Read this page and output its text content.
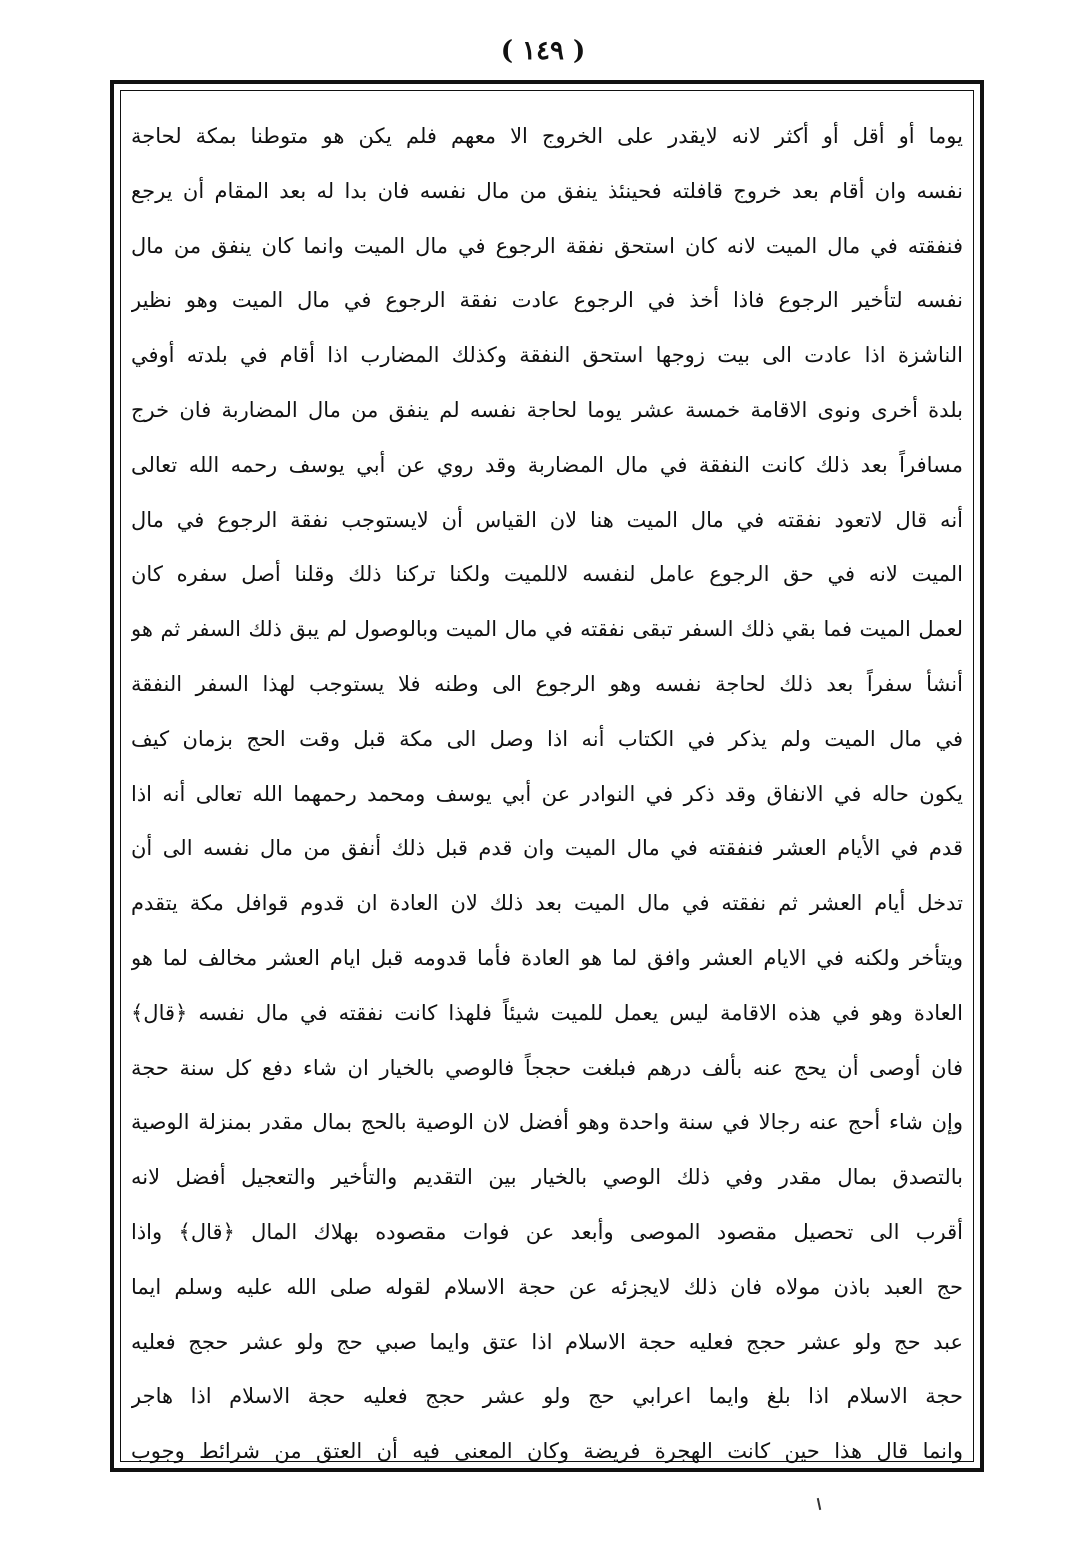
( ١٤٩ )
يوما أو أقل أو أكثر لانه لايقدر على الخروج الا معهم فلم يكن هو متوطنا بمكة لحاجة
نفسه وان أقام بعد خروج قافلته فحينئذ ينفق من مال نفسه فان بدا له بعد المقام أن يرجع
فنفقته في مال الميت لانه كان استحق نفقة الرجوع في مال الميت وانما كان ينفق من مال
نفسه لتأخير الرجوع فاذا أخذ في الرجوع عادت نفقة الرجوع في مال الميت وهو نظير
الناشزة اذا عادت الى بيت زوجها استحق النفقة وكذلك المضارب اذا أقام في بلدته أوفي
بلدة أخرى ونوى الاقامة خمسة عشر يوما لحاجة نفسه لم ينفق من مال المضاربة فان خرج
مسافراً بعد ذلك كانت النفقة في مال المضاربة وقد روي عن أبي يوسف رحمه الله تعالى
أنه قال لاتعود نفقته في مال الميت هنا لان القياس أن لايستوجب نفقة الرجوع في مال
الميت لانه في حق الرجوع عامل لنفسه لاللميت ولكنا تركنا ذلك وقلنا أصل سفره كان
لعمل الميت فما بقي ذلك السفر تبقى نفقته في مال الميت وبالوصول لم يبق ذلك السفر ثم هو
أنشأ سفراً بعد ذلك لحاجة نفسه وهو الرجوع الى وطنه فلا يستوجب لهذا السفر النفقة
في مال الميت ولم يذكر في الكتاب أنه اذا وصل الى مكة قبل وقت الحج بزمان كيف
يكون حاله في الانفاق وقد ذكر في النوادر عن أبي يوسف ومحمد رحمهما الله تعالى أنه اذا
قدم في الأيام العشر فنفقته في مال الميت وان قدم قبل ذلك أنفق من مال نفسه الى أن
تدخل أيام العشر ثم نفقته في مال الميت بعد ذلك لان العادة ان قدوم قوافل مكة يتقدم
ويتأخر ولكنه في الايام العشر وافق لما هو العادة فأما قدومه قبل ايام العشر مخالف لما هو
العادة وهو في هذه الاقامة ليس يعمل للميت شيئاً فلهذا كانت نفقته في مال نفسه ﴿قال﴾
فان أوصى أن يحج عنه بألف درهم فبلغت حججاً فالوصي بالخيار ان شاء دفع كل سنة حجة
وإن شاء أحج عنه رجالا في سنة واحدة وهو أفضل لان الوصية بالحج بمال مقدر بمنزلة الوصية
بالتصدق بمال مقدر وفي ذلك الوصي بالخيار بين التقديم والتأخير والتعجيل أفضل لانه
أقرب الى تحصيل مقصود الموصى وأبعد عن فوات مقصوده بهلاك المال ﴿قال﴾ واذا
حج العبد باذن مولاه فان ذلك لايجزئه عن حجة الاسلام لقوله صلى الله عليه وسلم ايما
عبد حج ولو عشر حجج فعليه حجة الاسلام اذا عتق وايما صبي حج ولو عشر حجج فعليه
حجة الاسلام اذا بلغ وايما اعرابي حج ولو عشر حجج فعليه حجة الاسلام اذا هاجر
وانما قال هذا حين كانت الهجرة فريضة وكان المعنى فيه أن العتق من شرائط وجوب
